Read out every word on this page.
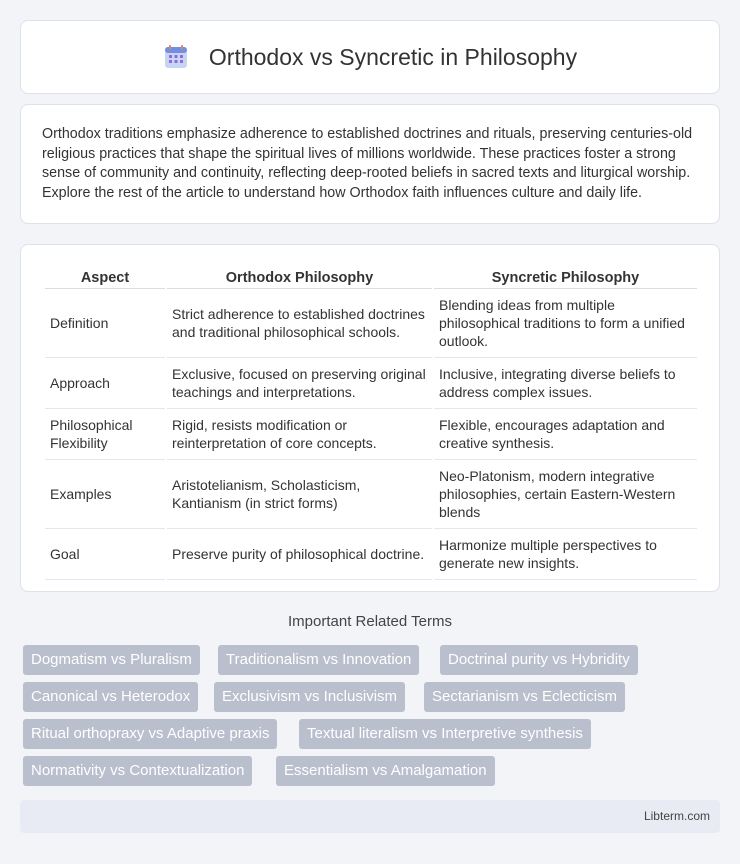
Orthodox vs Syncretic in Philosophy

Orthodox traditions emphasize adherence to established doctrines and rituals, preserving centuries-old religious practices that shape the spiritual lives of millions worldwide. These practices foster a strong sense of community and continuity, reflecting deep-rooted beliefs in sacred texts and liturgical worship. Explore the rest of the article to understand how Orthodox faith influences culture and daily life.

Aspect	Orthodox Philosophy	Syncretic Philosophy
Definition	Strict adherence to established doctrines and traditional philosophical schools.	Blending ideas from multiple philosophical traditions to form a unified outlook.
Approach	Exclusive, focused on preserving original teachings and interpretations.	Inclusive, integrating diverse beliefs to address complex issues.
Philosophical Flexibility	Rigid, resists modification or reinterpretation of core concepts.	Flexible, encourages adaptation and creative synthesis.
Examples	Aristotelianism, Scholasticism, Kantianism (in strict forms)	Neo-Platonism, modern integrative philosophies, certain Eastern-Western blends
Goal	Preserve purity of philosophical doctrine.	Harmonize multiple perspectives to generate new insights.
Important Related Terms
Dogmatism vs Pluralism	Traditionalism vs Innovation	Doctrinal purity vs Hybridity
Canonical vs Heterodox	Exclusivism vs Inclusivism	Sectarianism vs Eclecticism
Ritual orthopraxy vs Adaptive praxis	Textual literalism vs Interpretive synthesis
Normativity vs Contextualization	Essentialism vs Amalgamation
Libterm.com
